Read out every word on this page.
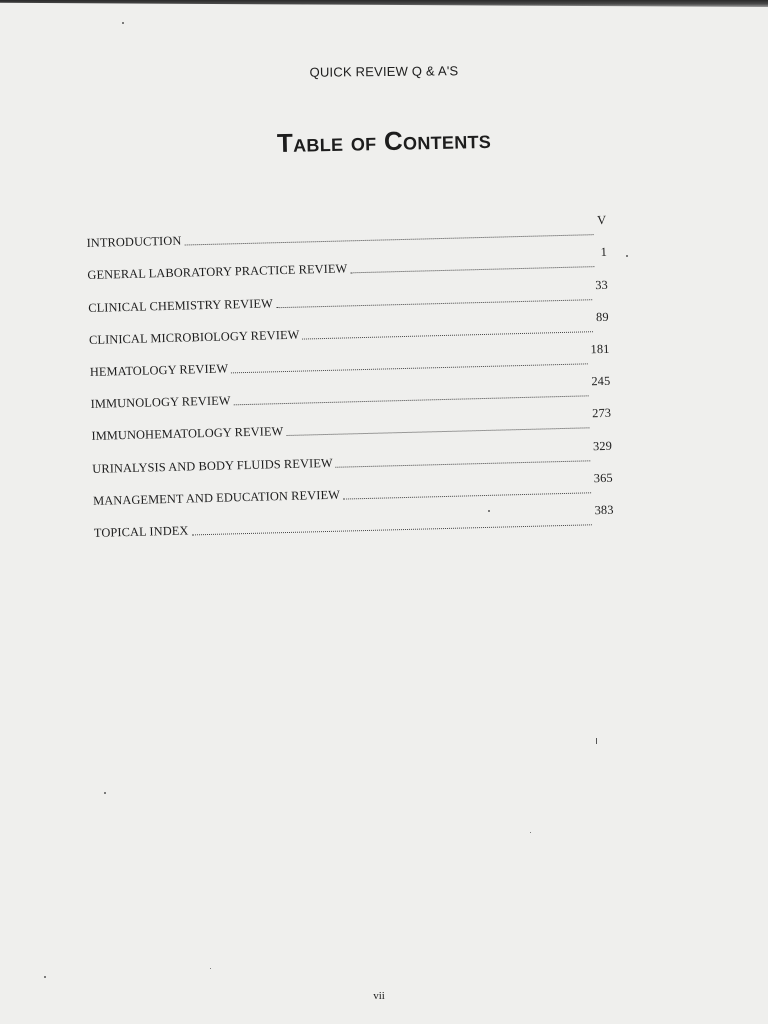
QUICK REVIEW Q & A'S
Table of Contents
INTRODUCTION
V
GENERAL LABORATORY PRACTICE REVIEW
1
CLINICAL CHEMISTRY REVIEW
33
CLINICAL MICROBIOLOGY REVIEW
89
HEMATOLOGY REVIEW
181
IMMUNOLOGY REVIEW
245
IMMUNOHEMATOLOGY REVIEW
273
URINALYSIS AND BODY FLUIDS REVIEW
329
MANAGEMENT AND EDUCATION REVIEW
365
TOPICAL INDEX
383
vii
